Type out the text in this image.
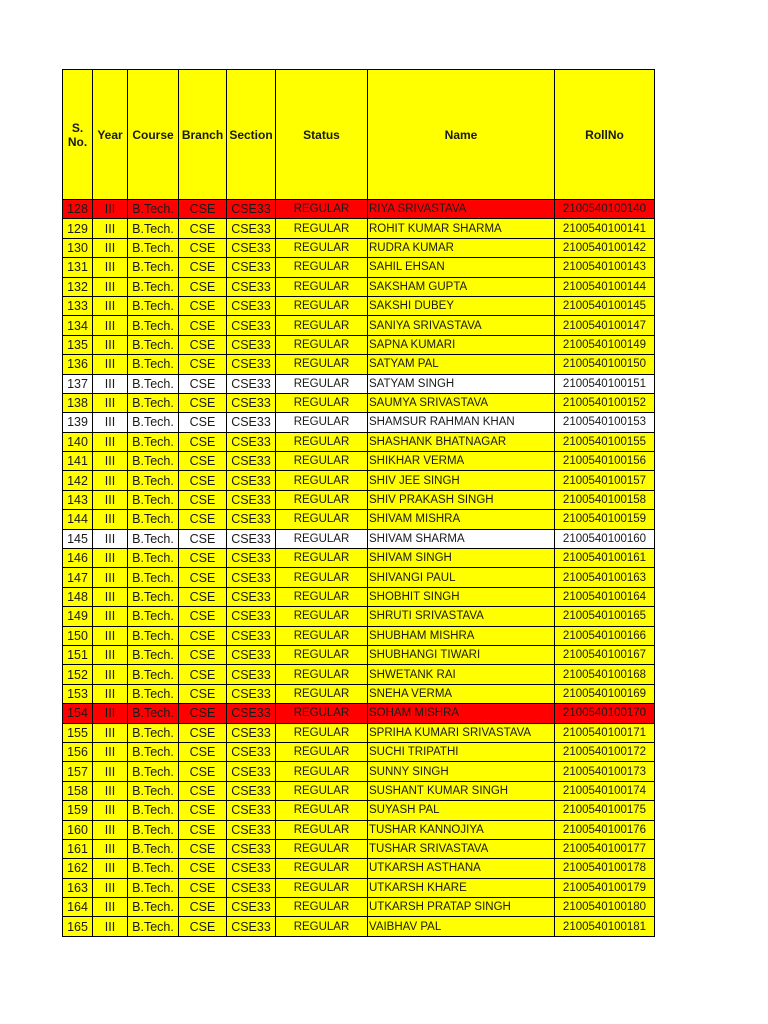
S. No.	Year	Course	Branch	Section	Status	Name	RollNo
128	III	B.Tech.	CSE	CSE33	REGULAR	RIYA SRIVASTAVA	2100540100140
129	III	B.Tech.	CSE	CSE33	REGULAR	ROHIT KUMAR SHARMA	2100540100141
130	III	B.Tech.	CSE	CSE33	REGULAR	RUDRA KUMAR	2100540100142
131	III	B.Tech.	CSE	CSE33	REGULAR	SAHIL EHSAN	2100540100143
132	III	B.Tech.	CSE	CSE33	REGULAR	SAKSHAM GUPTA	2100540100144
133	III	B.Tech.	CSE	CSE33	REGULAR	SAKSHI DUBEY	2100540100145
134	III	B.Tech.	CSE	CSE33	REGULAR	SANIYA SRIVASTAVA	2100540100147
135	III	B.Tech.	CSE	CSE33	REGULAR	SAPNA KUMARI	2100540100149
136	III	B.Tech.	CSE	CSE33	REGULAR	SATYAM PAL	2100540100150
137	III	B.Tech.	CSE	CSE33	REGULAR	SATYAM SINGH	2100540100151
138	III	B.Tech.	CSE	CSE33	REGULAR	SAUMYA SRIVASTAVA	2100540100152
139	III	B.Tech.	CSE	CSE33	REGULAR	SHAMSUR RAHMAN KHAN	2100540100153
140	III	B.Tech.	CSE	CSE33	REGULAR	SHASHANK BHATNAGAR	2100540100155
141	III	B.Tech.	CSE	CSE33	REGULAR	SHIKHAR VERMA	2100540100156
142	III	B.Tech.	CSE	CSE33	REGULAR	SHIV JEE SINGH	2100540100157
143	III	B.Tech.	CSE	CSE33	REGULAR	SHIV PRAKASH SINGH	2100540100158
144	III	B.Tech.	CSE	CSE33	REGULAR	SHIVAM MISHRA	2100540100159
145	III	B.Tech.	CSE	CSE33	REGULAR	SHIVAM SHARMA	2100540100160
146	III	B.Tech.	CSE	CSE33	REGULAR	SHIVAM SINGH	2100540100161
147	III	B.Tech.	CSE	CSE33	REGULAR	SHIVANGI PAUL	2100540100163
148	III	B.Tech.	CSE	CSE33	REGULAR	SHOBHIT SINGH	2100540100164
149	III	B.Tech.	CSE	CSE33	REGULAR	SHRUTI SRIVASTAVA	2100540100165
150	III	B.Tech.	CSE	CSE33	REGULAR	SHUBHAM MISHRA	2100540100166
151	III	B.Tech.	CSE	CSE33	REGULAR	SHUBHANGI TIWARI	2100540100167
152	III	B.Tech.	CSE	CSE33	REGULAR	SHWETANK RAI	2100540100168
153	III	B.Tech.	CSE	CSE33	REGULAR	SNEHA VERMA	2100540100169
154	III	B.Tech.	CSE	CSE33	REGULAR	SOHAM MISHRA	2100540100170
155	III	B.Tech.	CSE	CSE33	REGULAR	SPRIHA KUMARI SRIVASTAVA	2100540100171
156	III	B.Tech.	CSE	CSE33	REGULAR	SUCHI TRIPATHI	2100540100172
157	III	B.Tech.	CSE	CSE33	REGULAR	SUNNY SINGH	2100540100173
158	III	B.Tech.	CSE	CSE33	REGULAR	SUSHANT KUMAR SINGH	2100540100174
159	III	B.Tech.	CSE	CSE33	REGULAR	SUYASH PAL	2100540100175
160	III	B.Tech.	CSE	CSE33	REGULAR	TUSHAR KANNOJIYA	2100540100176
161	III	B.Tech.	CSE	CSE33	REGULAR	TUSHAR SRIVASTAVA	2100540100177
162	III	B.Tech.	CSE	CSE33	REGULAR	UTKARSH ASTHANA	2100540100178
163	III	B.Tech.	CSE	CSE33	REGULAR	UTKARSH KHARE	2100540100179
164	III	B.Tech.	CSE	CSE33	REGULAR	UTKARSH PRATAP SINGH	2100540100180
165	III	B.Tech.	CSE	CSE33	REGULAR	VAIBHAV PAL	2100540100181
